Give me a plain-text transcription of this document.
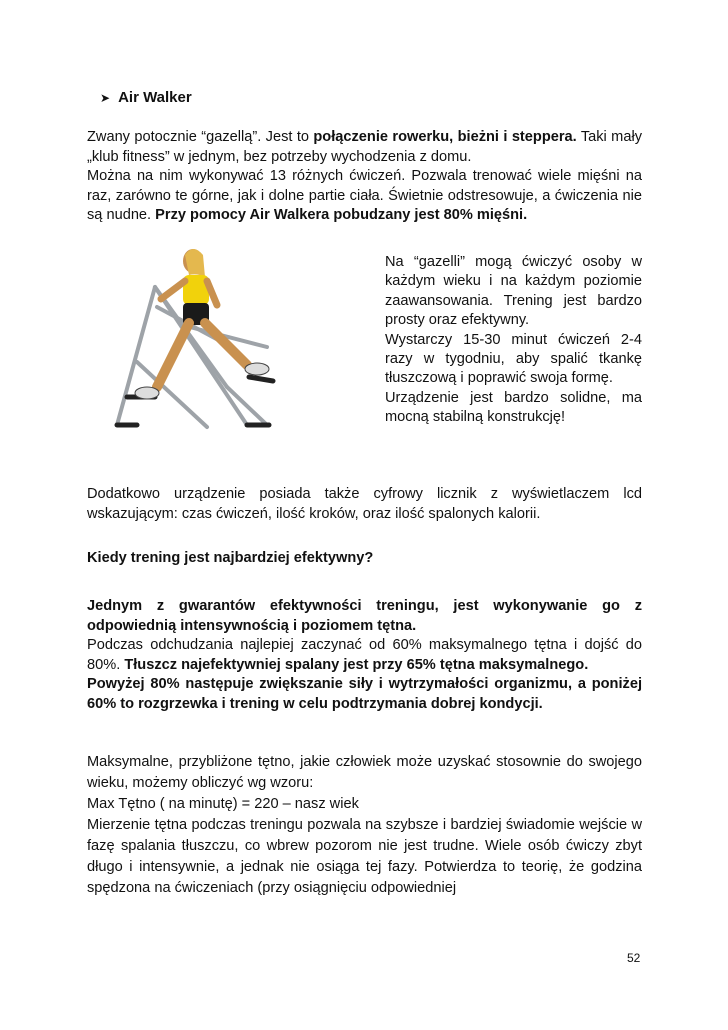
➤ Air Walker

Zwany potocznie “gazellą”. Jest to połączenie rowerku, bieżni i steppera. Taki mały „klub fitness” w jednym, bez potrzeby wychodzenia z domu.
Można na nim wykonywać 13 różnych ćwiczeń. Pozwala trenować wiele mięśni na raz, zarówno te górne, jak i dolne partie ciała. Świetnie odstresowuje, a ćwiczenia nie są nudne. Przy pomocy Air Walkera pobudzany jest 80% mięśni.

Na “gazelli” mogą ćwiczyć osoby w każdym wieku i na każdym poziomie zaawansowania. Trening jest bardzo prosty oraz efektywny.
Wystarczy 15-30 minut ćwiczeń 2-4 razy w tygodniu, aby spalić tkankę tłuszczową i poprawić swoja formę.
Urządzenie jest bardzo solidne, ma mocną stabilną konstrukcję!

Dodatkowo urządzenie posiada także cyfrowy licznik z wyświetlaczem lcd wskazującym: czas ćwiczeń, ilość kroków, oraz ilość spalonych kalorii.

Kiedy trening jest najbardziej efektywny?

Jednym z gwarantów efektywności treningu, jest wykonywanie go z odpowiednią intensywnością i poziomem tętna.
Podczas odchudzania najlepiej zaczynać od 60% maksymalnego tętna i dojść do 80%. Tłuszcz najefektywniej spalany jest przy 65% tętna maksymalnego.
Powyżej 80% następuje zwiększanie siły i wytrzymałości organizmu, a poniżej 60% to rozgrzewka i trening w celu podtrzymania dobrej kondycji.

Maksymalne, przybliżone tętno, jakie człowiek może uzyskać stosownie do swojego wieku, możemy obliczyć wg wzoru:
Max Tętno ( na minutę) = 220 – nasz wiek
Mierzenie tętna podczas treningu pozwala na szybsze i bardziej świadomie wejście w fazę spalania tłuszczu, co wbrew pozorom nie jest trudne. Wiele osób ćwiczy zbyt długo i intensywnie, a jednak nie osiąga tej fazy. Potwierdza to teorię, że godzina spędzona na ćwiczeniach (przy osiągnięciu odpowiedniej

52
